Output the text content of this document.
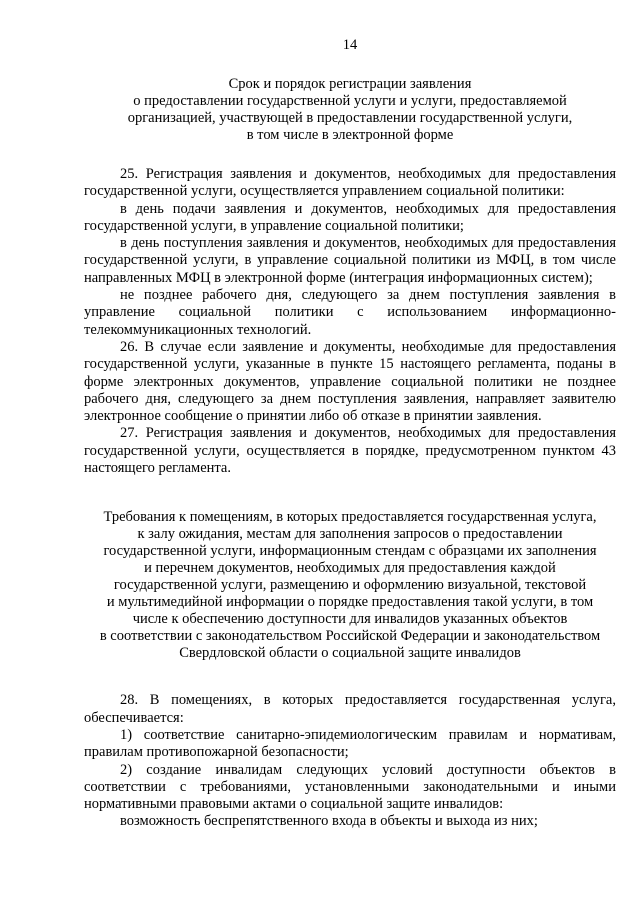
14
Срок и порядок регистрации заявления
о предоставлении государственной услуги и услуги, предоставляемой
организацией, участвующей в предоставлении государственной услуги,
в том числе в электронной форме

25. Регистрация заявления и документов, необходимых для предоставления государственной услуги, осуществляется управлением социальной политики:

в день подачи заявления и документов, необходимых для предоставления государственной услуги, в управление социальной политики;

в день поступления заявления и документов, необходимых для предоставления государственной услуги, в управление социальной политики из МФЦ, в том числе направленных МФЦ в электронной форме (интеграция информационных систем);

не позднее рабочего дня, следующего за днем поступления заявления в управление социальной политики с использованием информационно-телекоммуникационных технологий.

26. В случае если заявление и документы, необходимые для предоставления государственной услуги, указанные в пункте 15 настоящего регламента, поданы в форме электронных документов, управление социальной политики не позднее рабочего дня, следующего за днем поступления заявления, направляет заявителю электронное сообщение о принятии либо об отказе в принятии заявления.

27. Регистрация заявления и документов, необходимых для предоставления государственной услуги, осуществляется в порядке, предусмотренном пунктом 43 настоящего регламента.

Требования к помещениям, в которых предоставляется государственная услуга,
к залу ожидания, местам для заполнения запросов о предоставлении
государственной услуги, информационным стендам с образцами их заполнения
и перечнем документов, необходимых для предоставления каждой
государственной услуги, размещению и оформлению визуальной, текстовой
и мультимедийной информации о порядке предоставления такой услуги, в том
числе к обеспечению доступности для инвалидов указанных объектов
в соответствии с законодательством Российской Федерации и законодательством
Свердловской области о социальной защите инвалидов

28. В помещениях, в которых предоставляется государственная услуга, обеспечивается:

1) соответствие санитарно-эпидемиологическим правилам и нормативам, правилам противопожарной безопасности;

2) создание инвалидам следующих условий доступности объектов в соответствии с требованиями, установленными законодательными и иными нормативными правовыми актами о социальной защите инвалидов:

возможность беспрепятственного входа в объекты и выхода из них;
